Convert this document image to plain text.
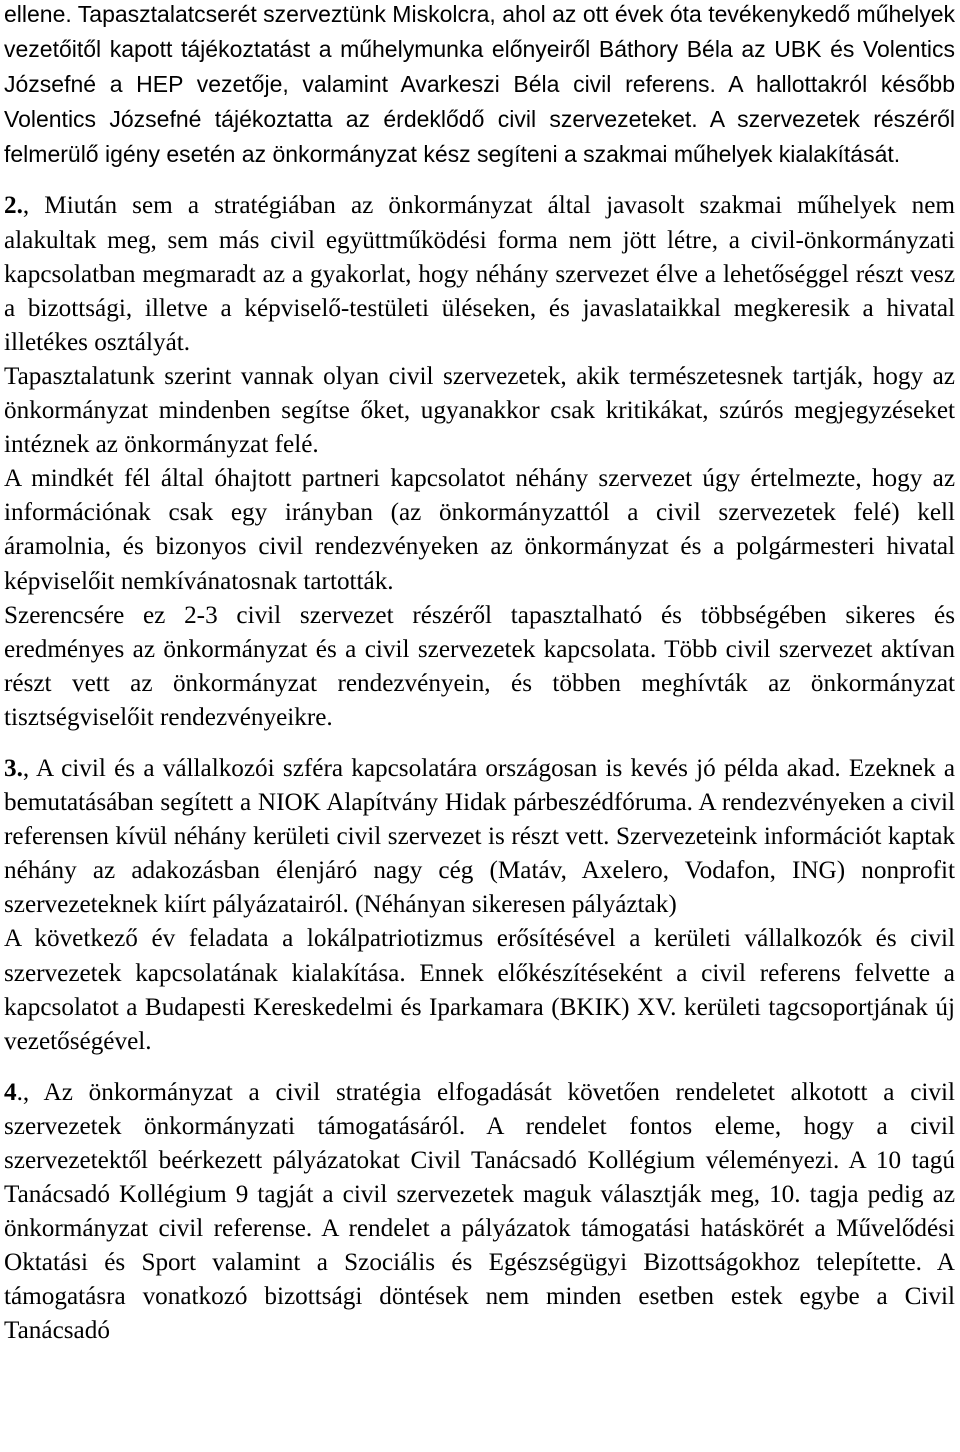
ellene. Tapasztalatcserét szerveztünk Miskolcra, ahol az ott évek óta tevékenykedő műhelyek vezetőitől kapott tájékoztatást a műhelymunka előnyeiről Báthory Béla az UBK és Volentics Józsefné a HEP vezetője, valamint Avarkeszi Béla civil referens. A hallottakról később Volentics Józsefné tájékoztatta az érdeklődő civil szervezeteket. A szervezetek részéről felmerülő igény esetén az önkormányzat kész segíteni a szakmai műhelyek kialakítását.

2., Miután sem a stratégiában az önkormányzat által javasolt szakmai műhelyek nem alakultak meg, sem más civil együttműködési forma nem jött létre, a civil-önkormányzati kapcsolatban megmaradt az a gyakorlat, hogy néhány szervezet élve a lehetőséggel részt vesz a bizottsági, illetve a képviselő-testületi üléseken, és javaslataikkal megkeresik a hivatal illetékes osztályát.

Tapasztalatunk szerint vannak olyan civil szervezetek, akik természetesnek tartják, hogy az önkormányzat mindenben segítse őket, ugyanakkor csak kritikákat, szúrós megjegyzéseket intéznek az önkormányzat felé.

A mindkét fél által óhajtott partneri kapcsolatot néhány szervezet úgy értelmezte, hogy az információnak csak egy irányban (az önkormányzattól a civil szervezetek felé) kell áramolnia, és bizonyos civil rendezvényeken az önkormányzat és a polgármesteri hivatal képviselőit nemkívánatosnak tartották.

Szerencsére ez 2-3 civil szervezet részéről tapasztalható és többségében sikeres és eredményes az önkormányzat és a civil szervezetek kapcsolata. Több civil szervezet aktívan részt vett az önkormányzat rendezvényein, és többen meghívták az önkormányzat tisztségviselőit rendezvényeikre.

3., A civil és a vállalkozói szféra kapcsolatára országosan is kevés jó példa akad. Ezeknek a bemutatásában segített a NIOK Alapítvány Hidak párbeszédfóruma. A rendezvényeken a civil referensen kívül néhány kerületi civil szervezet is részt vett. Szervezeteink információt kaptak néhány az adakozásban élenjáró nagy cég (Matáv, Axelero, Vodafon, ING) nonprofit szervezeteknek kiírt pályázatairól. (Néhányan sikeresen pályáztak)

A következő év feladata a lokálpatriotizmus erősítésével a kerületi vállalkozók és civil szervezetek kapcsolatának kialakítása. Ennek előkészítéseként a civil referens felvette a kapcsolatot a Budapesti Kereskedelmi és Iparkamara (BKIK) XV. kerületi tagcsoportjának új vezetőségével.

4., Az önkormányzat a civil stratégia elfogadását követően rendeletet alkotott a civil szervezetek önkormányzati támogatásáról. A rendelet fontos eleme, hogy a civil szervezetektől beérkezett pályázatokat Civil Tanácsadó Kollégium véleményezi. A 10 tagú Tanácsadó Kollégium 9 tagját a civil szervezetek maguk választják meg, 10. tagja pedig az önkormányzat civil referense. A rendelet a pályázatok támogatási hatáskörét a Művelődési Oktatási és Sport valamint a Szociális és Egészségügyi Bizottságokhoz telepítette. A támogatásra vonatkozó bizottsági döntések nem minden esetben estek egybe a Civil Tanácsadó
